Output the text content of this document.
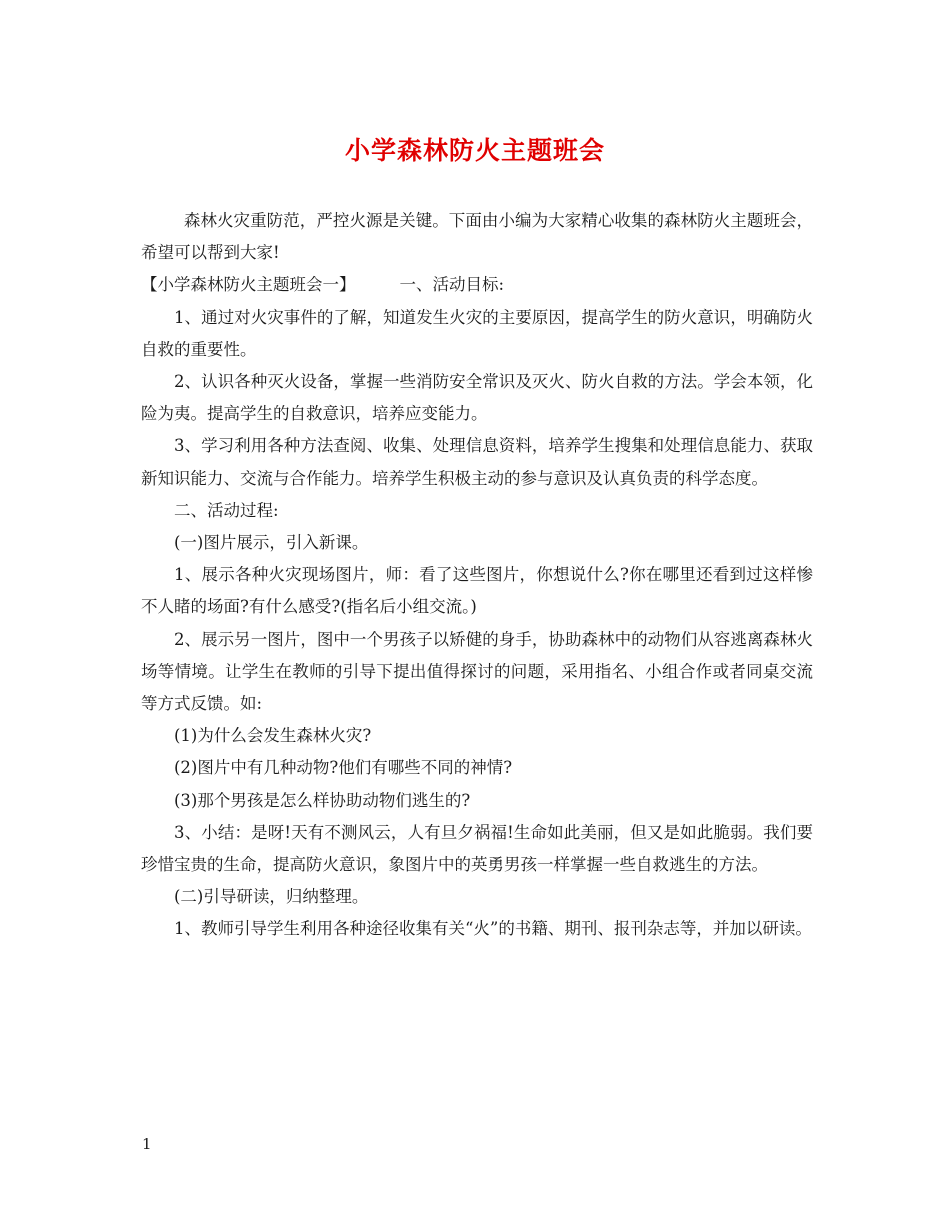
小学森林防火主题班会

森林火灾重防范，严控火源是关键。下面由小编为大家精心收集的森林防火主题班会，希望可以帮到大家!

【小学森林防火主题班会一】	一、活动目标:

1、通过对火灾事件的了解，知道发生火灾的主要原因，提高学生的防火意识，明确防火自救的重要性。

2、认识各种灭火设备，掌握一些消防安全常识及灭火、防火自救的方法。学会本领，化险为夷。提高学生的自救意识，培养应变能力。

3、学习利用各种方法查阅、收集、处理信息资料，培养学生搜集和处理信息能力、获取新知识能力、交流与合作能力。培养学生积极主动的参与意识及认真负责的科学态度。

二、活动过程:

(一)图片展示，引入新课。

1、展示各种火灾现场图片，师：看了这些图片，你想说什么?你在哪里还看到过这样惨不人睹的场面?有什么感受?(指名后小组交流。)

2、展示另一图片，图中一个男孩子以矫健的身手，协助森林中的动物们从容逃离森林火场等情境。让学生在教师的引导下提出值得探讨的问题，采用指名、小组合作或者同桌交流等方式反馈。如:

(1)为什么会发生森林火灾?

(2)图片中有几种动物?他们有哪些不同的神情?

(3)那个男孩是怎么样协助动物们逃生的?

3、小结：是呀!天有不测风云，人有旦夕祸福!生命如此美丽，但又是如此脆弱。我们要珍惜宝贵的生命，提高防火意识，象图片中的英勇男孩一样掌握一些自救逃生的方法。

(二)引导研读，归纳整理。

1、教师引导学生利用各种途径收集有关“火”的书籍、期刊、报刊杂志等，并加以研读。

1
